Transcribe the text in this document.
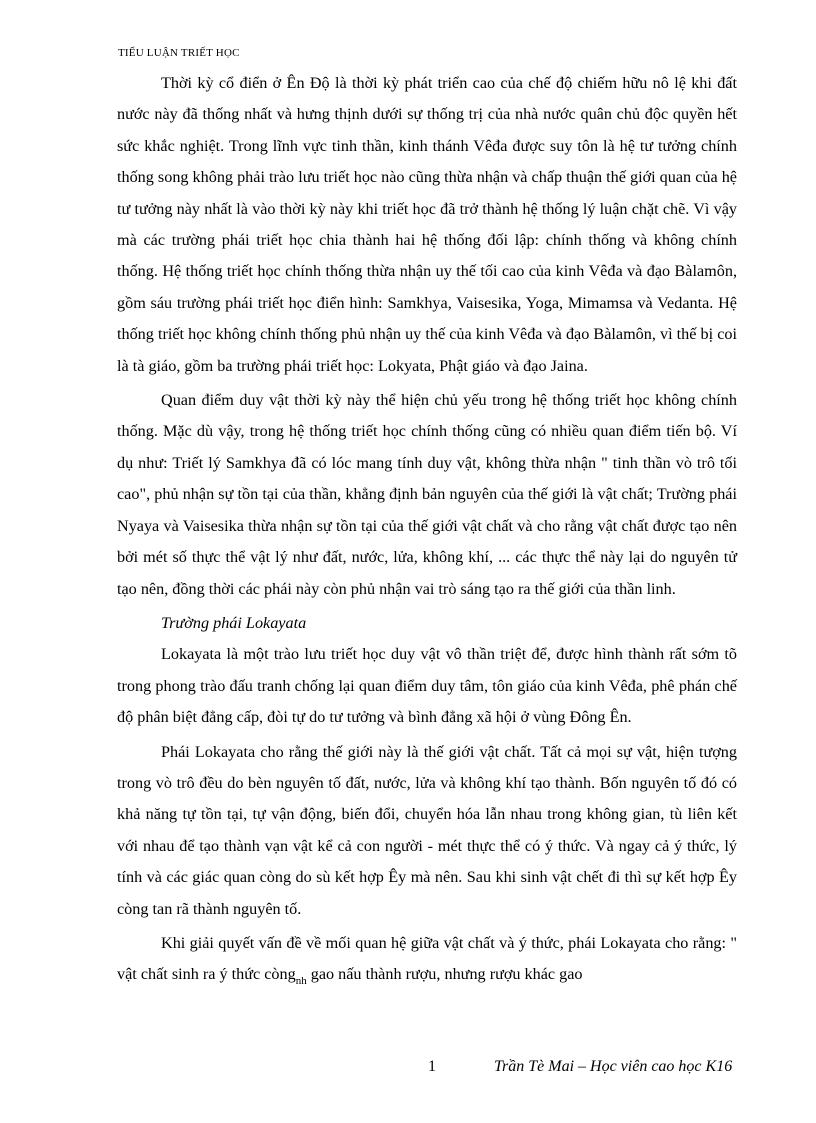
TIỂU LUẬN TRIẾT HỌC

Thời kỳ cổ điển ở Ên Độ là thời kỳ phát triển cao của chế độ chiếm hữu nô lệ khi đất nước này đã thống nhất và hưng thịnh dưới sự thống trị của nhà nước quân chủ độc quyền hết sức khắc nghiệt. Trong lĩnh vực tinh thần, kinh thánh Vêđa được suy tôn là hệ tư tưởng chính thống song không phải trào lưu triết học nào cũng thừa nhận và chấp thuận thế giới quan của hệ tư tưởng này nhất là vào thời kỳ này khi triết học đã trở thành hệ thống lý luận chặt chẽ. Vì vậy mà các trường phái triết học chia thành hai hệ thống đối lập: chính thống và không chính thống. Hệ thống triết học chính thống thừa nhận uy thế tối cao của kinh Vêđa và đạo Bàlamôn, gồm sáu trường phái triết học điển hình: Samkhya, Vaisesika, Yoga, Mimamsa và Vedanta. Hệ thống triết học không chính thống phủ nhận uy thế của kinh Vêđa và đạo Bàlamôn, vì thế bị coi là tà giáo, gồm ba trường phái triết học: Lokyata, Phật giáo và đạo Jaina.

Quan điểm duy vật thời kỳ này thể hiện chủ yếu trong hệ thống triết học không chính thống. Mặc dù vậy, trong hệ thống triết học chính thống cũng có nhiều quan điểm tiến bộ. Ví dụ như: Triết lý Samkhya đã có lóc mang tính duy vật, không thừa nhận " tinh thần vò trô tối cao", phủ nhận sự tồn tại của thần, khẳng định bản nguyên của thế giới là vật chất; Trường phái Nyaya và Vaisesika thừa nhận sự tồn tại của thế giới vật chất và cho rằng vật chất được tạo nên bởi mét số thực thể vật lý như đất, nước, lửa, không khí, ... các thực thể này lại do nguyên tử tạo nên, đồng thời các phái này còn phủ nhận vai trò sáng tạo ra thế giới của thần linh.

Trường phái Lokayata

Lokayata là một trào lưu triết học duy vật vô thần triệt để, được hình thành rất sớm tõ trong phong trào đấu tranh chống lại quan điểm duy tâm, tôn giáo của kinh Vêđa, phê phán chế độ phân biệt đẳng cấp, đòi tự do tư tưởng và bình đẳng xã hội ở vùng Đông Ên.

Phái Lokayata cho rằng thế giới này là thế giới vật chất. Tất cả mọi sự vật, hiện tượng trong vò trô đều do bèn nguyên tố đất, nước, lửa và không khí tạo thành. Bốn nguyên tố đó có khả năng tự tồn tại, tự vận động, biến đổi, chuyển hóa lẫn nhau trong không gian, tù liên kết với nhau để tạo thành vạn vật kể cả con người - mét thực thể có ý thức. Và ngay cả ý thức, lý tính và các giác quan còng do sù kết hợp Êy mà nên. Sau khi sinh vật chết đi thì sự kết hợp Êy còng tan rã thành nguyên tố.

Khi giải quyết vấn đề về mối quan hệ giữa vật chất và ý thức, phái Lokayata cho rằng: " vật chất sinh ra ý thức còng$_{nh}$ gao nấu thành rượu, nhưng rượu khác gao

1	Trần Tè Mai – Học viên cao học K16
